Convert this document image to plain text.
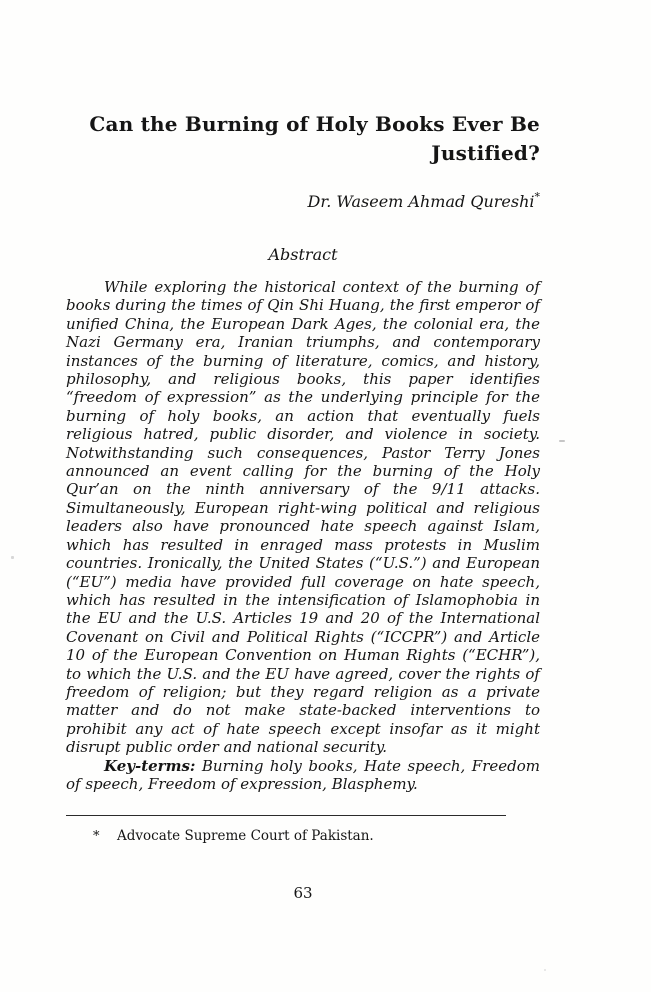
Can the Burning of Holy Books Ever Be
Justified?
Dr. Waseem Ahmad Qureshi*
Abstract

While exploring the historical context of the burning of books during the times of Qin Shi Huang, the first emperor of unified China, the European Dark Ages, the colonial era, the Nazi Germany era, Iranian triumphs, and contemporary instances of the burning of literature, comics, and history, philosophy, and religious books, this paper identifies “freedom of expression” as the underlying principle for the burning of holy books, an action that eventually fuels religious hatred, public disorder, and violence in society. Notwithstanding such consequences, Pastor Terry Jones announced an event calling for the burning of the Holy Qur’an on the ninth anniversary of the 9/11 attacks. Simultaneously, European right-wing political and religious leaders also have pronounced hate speech against Islam, which has resulted in enraged mass protests in Muslim countries. Ironically, the United States (“U.S.”) and European (“EU”) media have provided full coverage on hate speech, which has resulted in the intensification of Islamophobia in the EU and the U.S. Articles 19 and 20 of the International Covenant on Civil and Political Rights (“ICCPR”) and Article 10 of the European Convention on Human Rights (“ECHR”), to which the U.S. and the EU have agreed, cover the rights of freedom of religion; but they regard religion as a private matter and do not make state-backed interventions to prohibit any act of hate speech except insofar as it might disrupt public order and national security.

Key-terms: Burning holy books, Hate speech, Freedom of speech, Freedom of expression, Blasphemy.

*	Advocate Supreme Court of Pakistan.
63
